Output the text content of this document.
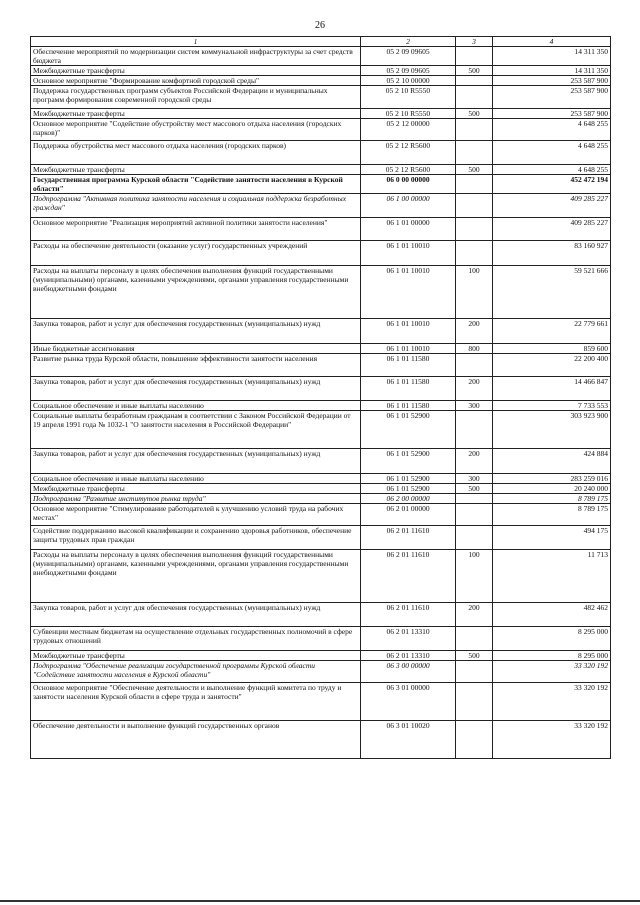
26
1	2	3	4
Обеспечение мероприятий по модернизации систем коммунальной инфраструктуры за счет средств бюджета	05 2 09 09605		14 311 350
Межбюджетные трансферты	05 2 09 09605	500	14 311 350
Основное мероприятие "Формирование комфортной городской среды"	05 2 10 00000		253 587 900
Поддержка государственных программ субъектов Российской Федерации и муниципальных программ формирования современной городской среды	05 2 10 R5550		253 587 900
Межбюджетные трансферты	05 2 10 R5550	500	253 587 900
Основное мероприятие "Содействие обустройству мест массового отдыха населения (городских парков)"	05 2 12 00000		4 648 255
Поддержка обустройства мест массового отдыха населения (городских парков)	05 2 12 R5600		4 648 255
Межбюджетные трансферты	05 2 12 R5600	500	4 648 255
Государственная программа Курской области "Содействие занятости населения в Курской области"	06 0 00 00000		452 472 194
Подпрограмма "Активная политика занятости населения и социальная поддержка безработных граждан"	06 1 00 00000		409 285 227
Основное мероприятие "Реализация мероприятий активной политики занятости населения"	06 1 01 00000		409 285 227
Расходы на обеспечение деятельности (оказание услуг) государственных учреждений	06 1 01 10010		83 160 927
Расходы на выплаты персоналу в целях обеспечения выполнения функций государственными (муниципальными) органами, казенными учреждениями, органами управления государственными внебюджетными фондами	06 1 01 10010	100	59 521 666
Закупка товаров, работ и услуг для обеспечения государственных (муниципальных) нужд	06 1 01 10010	200	22 779 661
Иные бюджетные ассигнования	06 1 01 10010	800	859 600
Развитие рынка труда Курской области, повышение эффективности занятости населения	06 1 01 11580		22 200 400
Закупка товаров, работ и услуг для обеспечения государственных (муниципальных) нужд	06 1 01 11580	200	14 466 847
Социальное обеспечение и иные выплаты населению	06 1 01 11580	300	7 733 553
Социальные выплаты безработным гражданам в соответствии с Законом Российской Федерации от 19 апреля 1991 года № 1032-1 "О занятости населения в Российской Федерации"	06 1 01 52900		303 923 900
Закупка товаров, работ и услуг для обеспечения государственных (муниципальных) нужд	06 1 01 52900	200	424 884
Социальное обеспечение и иные выплаты населению	06 1 01 52900	300	283 259 016
Межбюджетные трансферты	06 1 01 52900	500	20 240 000
Подпрограмма "Развитие институтов рынка труда"	06 2 00 00000		8 789 175
Основное мероприятие "Стимулирование работодателей к улучшению условий труда на рабочих местах"	06 2 01 00000		8 789 175
Содействие поддержанию высокой квалификации и сохранению здоровья работников, обеспечение защиты трудовых прав граждан	06 2 01 11610		494 175
Расходы на выплаты персоналу в целях обеспечения выполнения функций государственными (муниципальными) органами, казенными учреждениями, органами управления государственными внебюджетными фондами	06 2 01 11610	100	11 713
Закупка товаров, работ и услуг для обеспечения государственных (муниципальных) нужд	06 2 01 11610	200	482 462
Субвенции местным бюджетам на осуществление отдельных государственных полномочий в сфере трудовых отношений	06 2 01 13310		8 295 000
Межбюджетные трансферты	06 2 01 13310	500	8 295 000
Подпрограмма "Обеспечение реализации государственной программы Курской области "Содействие занятости населения в Курской области"	06 3 00 00000		33 320 192
Основное мероприятие "Обеспечение деятельности и выполнение функций комитета по труду и занятости населения Курской области в сфере труда и занятости"	06 3 01 00000		33 320 192
Обеспечение деятельности и выполнение функций государственных органов	06 3 01 10020		33 320 192
